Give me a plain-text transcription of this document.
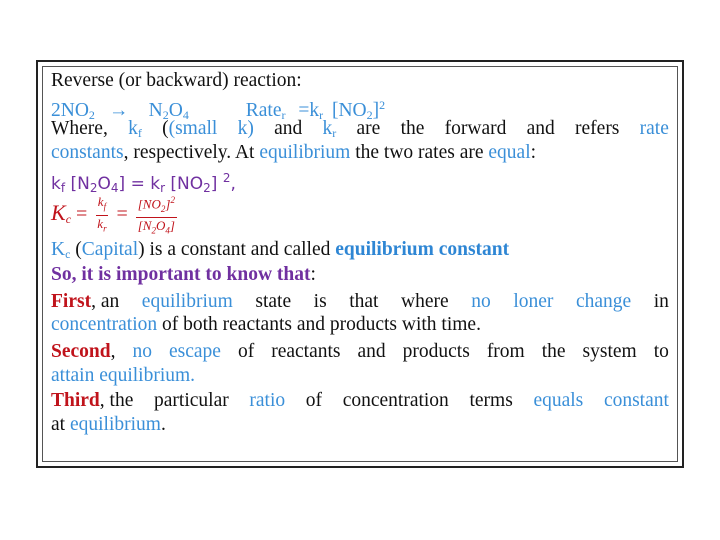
Reverse (or backward) reaction:
$2NO_2 \to N_2O_4$	Rate$_r$ $=k_r$ $[NO_2]^2$
Where, $k_f$ ((small k) and $k_r$ are the forward and refers rate
constants, respectively. At equilibrium the two rates are equal:
$k_f$ $[N_2O_4] = k_r$ $[NO_2]$ $^2$,
$K_c = \frac{k_f}{k_r} = \frac{[NO_2]^2}{[N_2O_4]}$
$K_c$ (Capital) is a constant and called equilibrium constant
So, it is important to know that:
First, an equilibrium state is that where no loner change in
concentration of both reactants and products with time.
Second, no escape of reactants and products from the system to
attain equilibrium.
Third, the particular ratio of concentration terms equals constant
at equilibrium.
